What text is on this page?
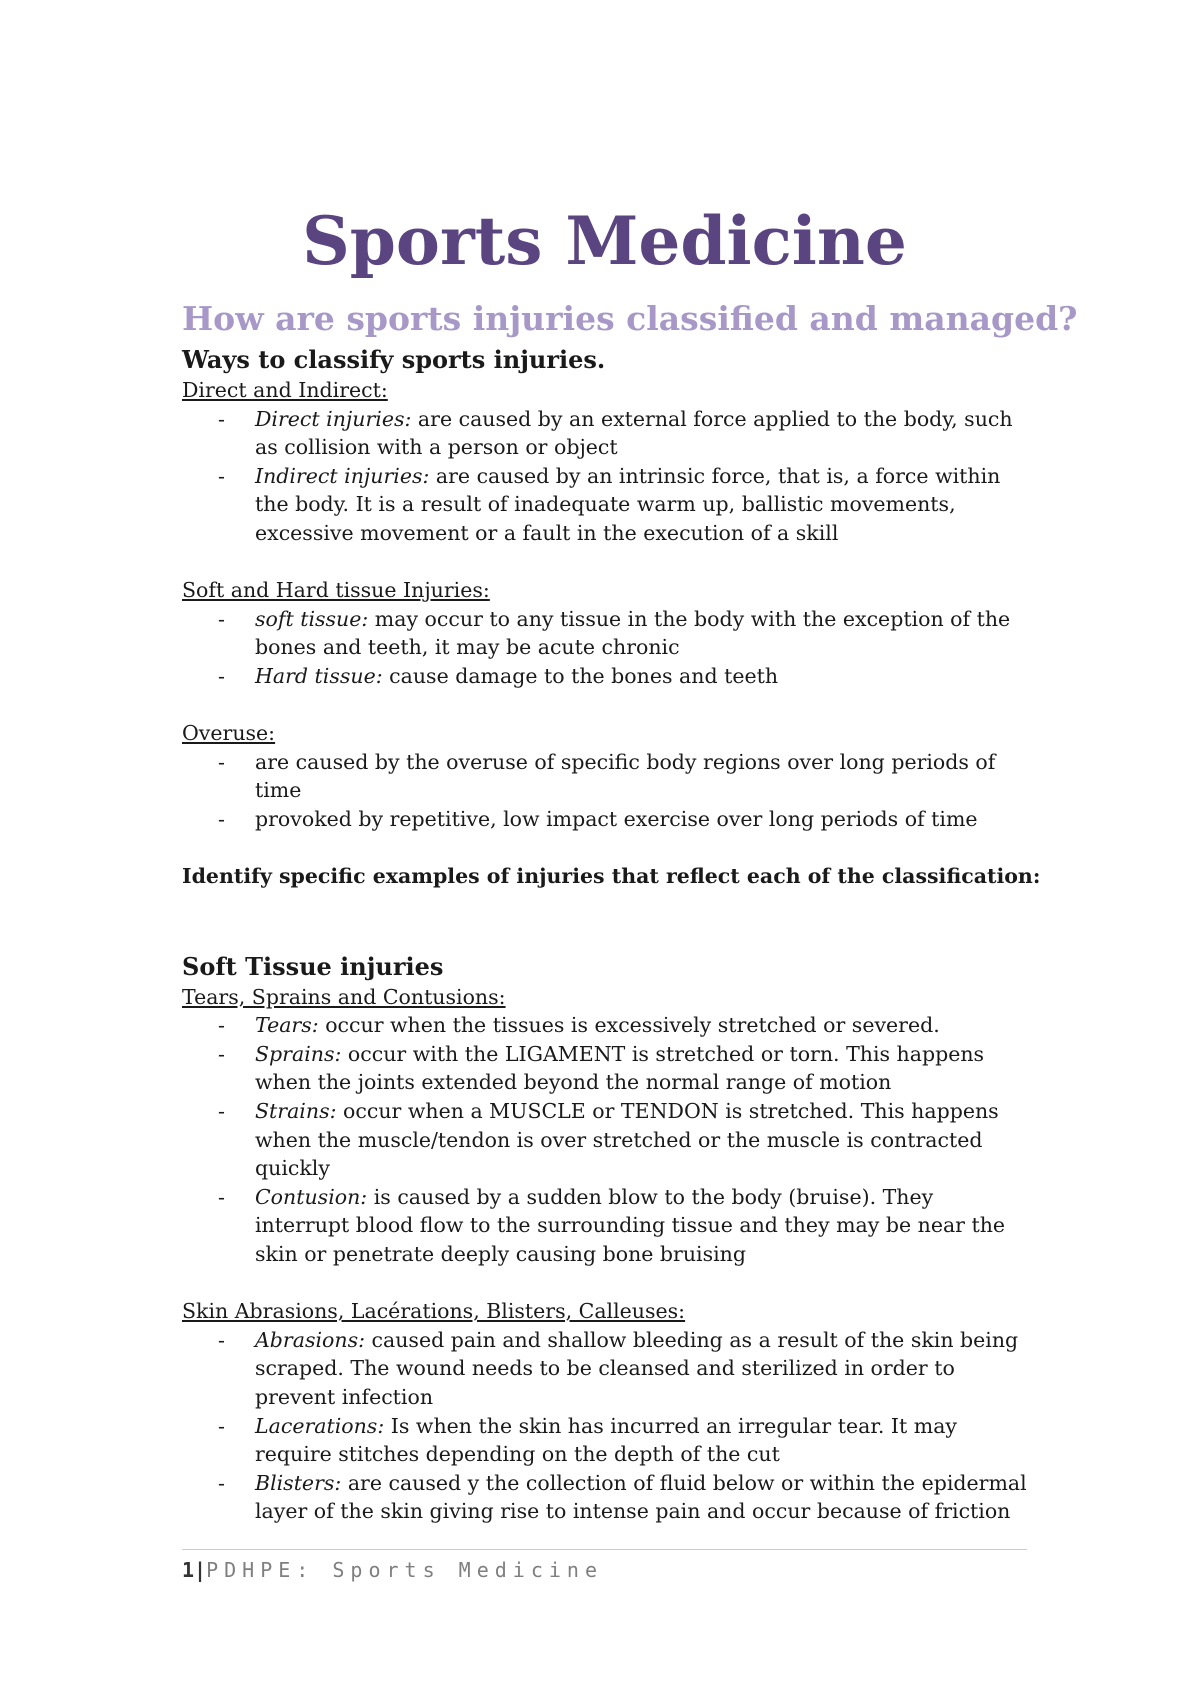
Sports Medicine
How are sports injuries classified and managed?

Ways to classify sports injuries.

Direct and Indirect:

- Direct injuries: are caused by an external force applied to the body, such as collision with a person or object
- Indirect injuries: are caused by an intrinsic force, that is, a force within the body. It is a result of inadequate warm up, ballistic movements, excessive movement or a fault in the execution of a skill

Soft and Hard tissue Injuries:

- soft tissue: may occur to any tissue in the body with the exception of the bones and teeth, it may be acute chronic
- Hard tissue: cause damage to the bones and teeth

Overuse:

- are caused by the overuse of specific body regions over long periods of time
- provoked by repetitive, low impact exercise over long periods of time

Identify specific examples of injuries that reflect each of the classification:

Soft Tissue injuries

Tears, Sprains and Contusions:

- Tears: occur when the tissues is excessively stretched or severed.
- Sprains: occur with the LIGAMENT is stretched or torn. This happens when the joints extended beyond the normal range of motion
- Strains: occur when a MUSCLE or TENDON is stretched. This happens when the muscle/tendon is over stretched or the muscle is contracted quickly
- Contusion: is caused by a sudden blow to the body (bruise). They interrupt blood flow to the surrounding tissue and they may be near the skin or penetrate deeply causing bone bruising

Skin Abrasions, Lacérations, Blisters, Calleuses:

- Abrasions: caused pain and shallow bleeding as a result of the skin being scraped. The wound needs to be cleansed and sterilized in order to prevent infection
- Lacerations: Is when the skin has incurred an irregular tear. It may require stitches depending on the depth of the cut
- Blisters: are caused y the collection of fluid below or within the epidermal layer of the skin giving rise to intense pain and occur because of friction
1|PDHPE: Sports Medicine
